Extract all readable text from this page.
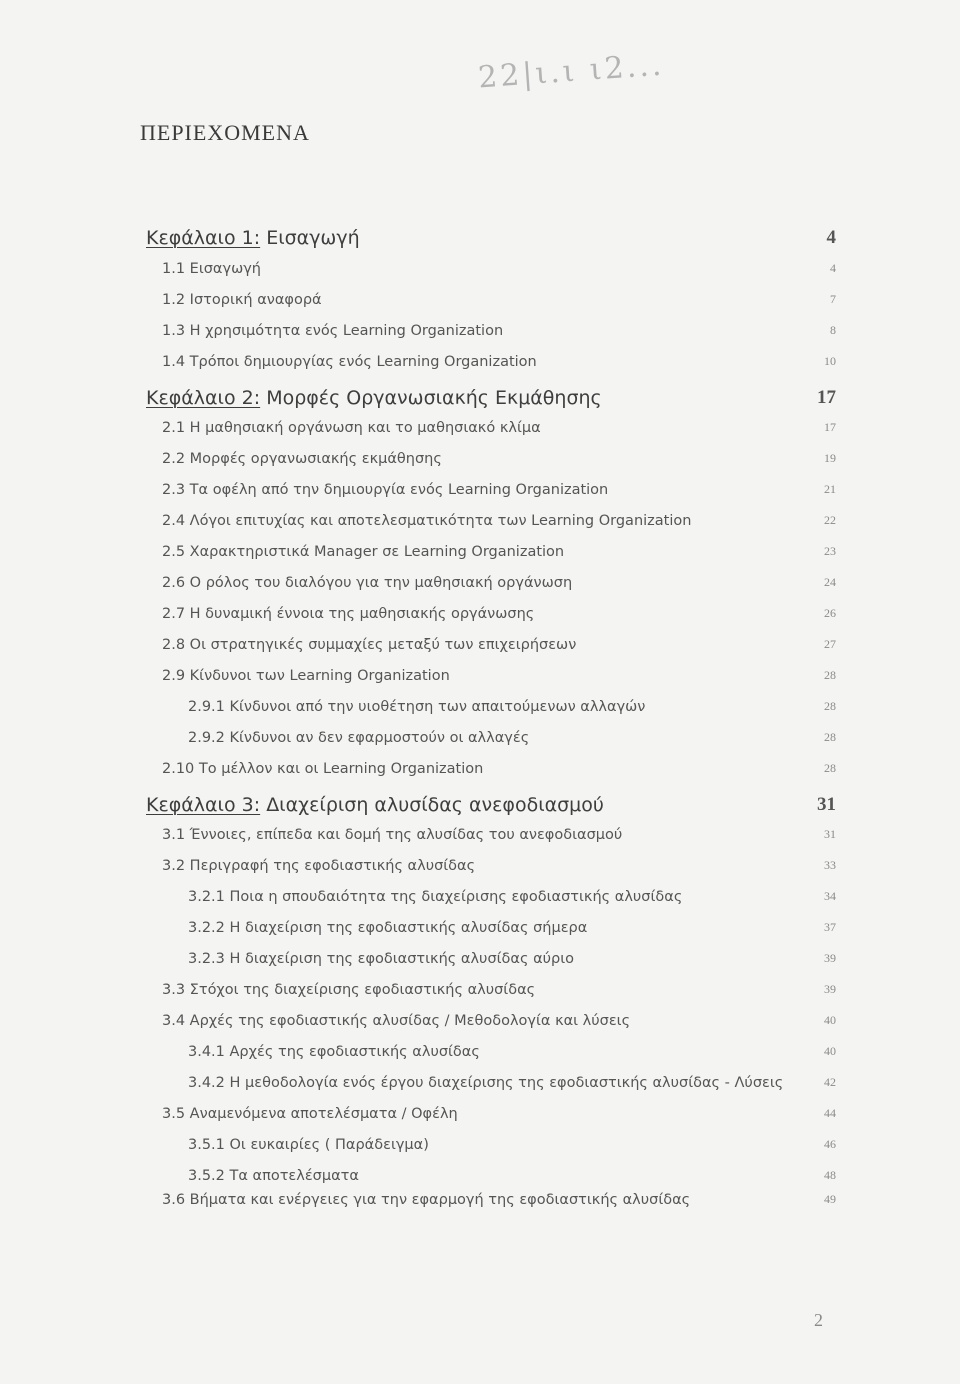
22|ι.ι ι2...
ΠΕΡΙΕΧΟΜΕΝΑ
Κεφάλαιο 1: Εισαγωγή	4
1.1 Εισαγωγή	4
1.2 Ιστορική αναφορά	7
1.3 Η χρησιμότητα ενός Learning Organization	8
1.4 Τρόποι δημιουργίας ενός Learning Organization	10
Κεφάλαιο 2: Μορφές Οργανωσιακής Εκμάθησης	17
2.1 Η μαθησιακή οργάνωση και το μαθησιακό κλίμα	17
2.2 Μορφές οργανωσιακής εκμάθησης	19
2.3 Τα οφέλη από την δημιουργία ενός Learning Organization	21
2.4 Λόγοι επιτυχίας και αποτελεσματικότητα των Learning Organization	22
2.5 Χαρακτηριστικά Manager σε Learning Organization	23
2.6 Ο ρόλος του διαλόγου για την μαθησιακή οργάνωση	24
2.7 Η δυναμική έννοια της μαθησιακής οργάνωσης	26
2.8 Οι στρατηγικές συμμαχίες μεταξύ των επιχειρήσεων	27
2.9 Κίνδυνοι των Learning Organization	28
2.9.1 Κίνδυνοι από την υιοθέτηση των απαιτούμενων αλλαγών	28
2.9.2 Κίνδυνοι αν δεν εφαρμοστούν οι αλλαγές	28
2.10 Το μέλλον και οι Learning Organization	28
Κεφάλαιο 3: Διαχείριση αλυσίδας ανεφοδιασμού	31
3.1 Έννοιες, επίπεδα και δομή της αλυσίδας του ανεφοδιασμού	31
3.2 Περιγραφή της εφοδιαστικής αλυσίδας	33
3.2.1 Ποια η σπουδαιότητα της διαχείρισης εφοδιαστικής αλυσίδας	34
3.2.2 Η διαχείριση της εφοδιαστικής αλυσίδας σήμερα	37
3.2.3 Η διαχείριση της εφοδιαστικής αλυσίδας αύριο	39
3.3 Στόχοι της διαχείρισης εφοδιαστικής αλυσίδας	39
3.4 Αρχές της εφοδιαστικής αλυσίδας / Μεθοδολογία και λύσεις	40
3.4.1 Αρχές της εφοδιαστικής αλυσίδας	40
3.4.2 Η μεθοδολογία ενός έργου διαχείρισης της εφοδιαστικής αλυσίδας - Λύσεις	42
3.5 Αναμενόμενα αποτελέσματα / Οφέλη	44
3.5.1 Οι ευκαιρίες ( Παράδειγμα)	46
3.5.2 Τα αποτελέσματα	48
3.6 Βήματα και ενέργειες για την εφαρμογή της εφοδιαστικής αλυσίδας	49
2
